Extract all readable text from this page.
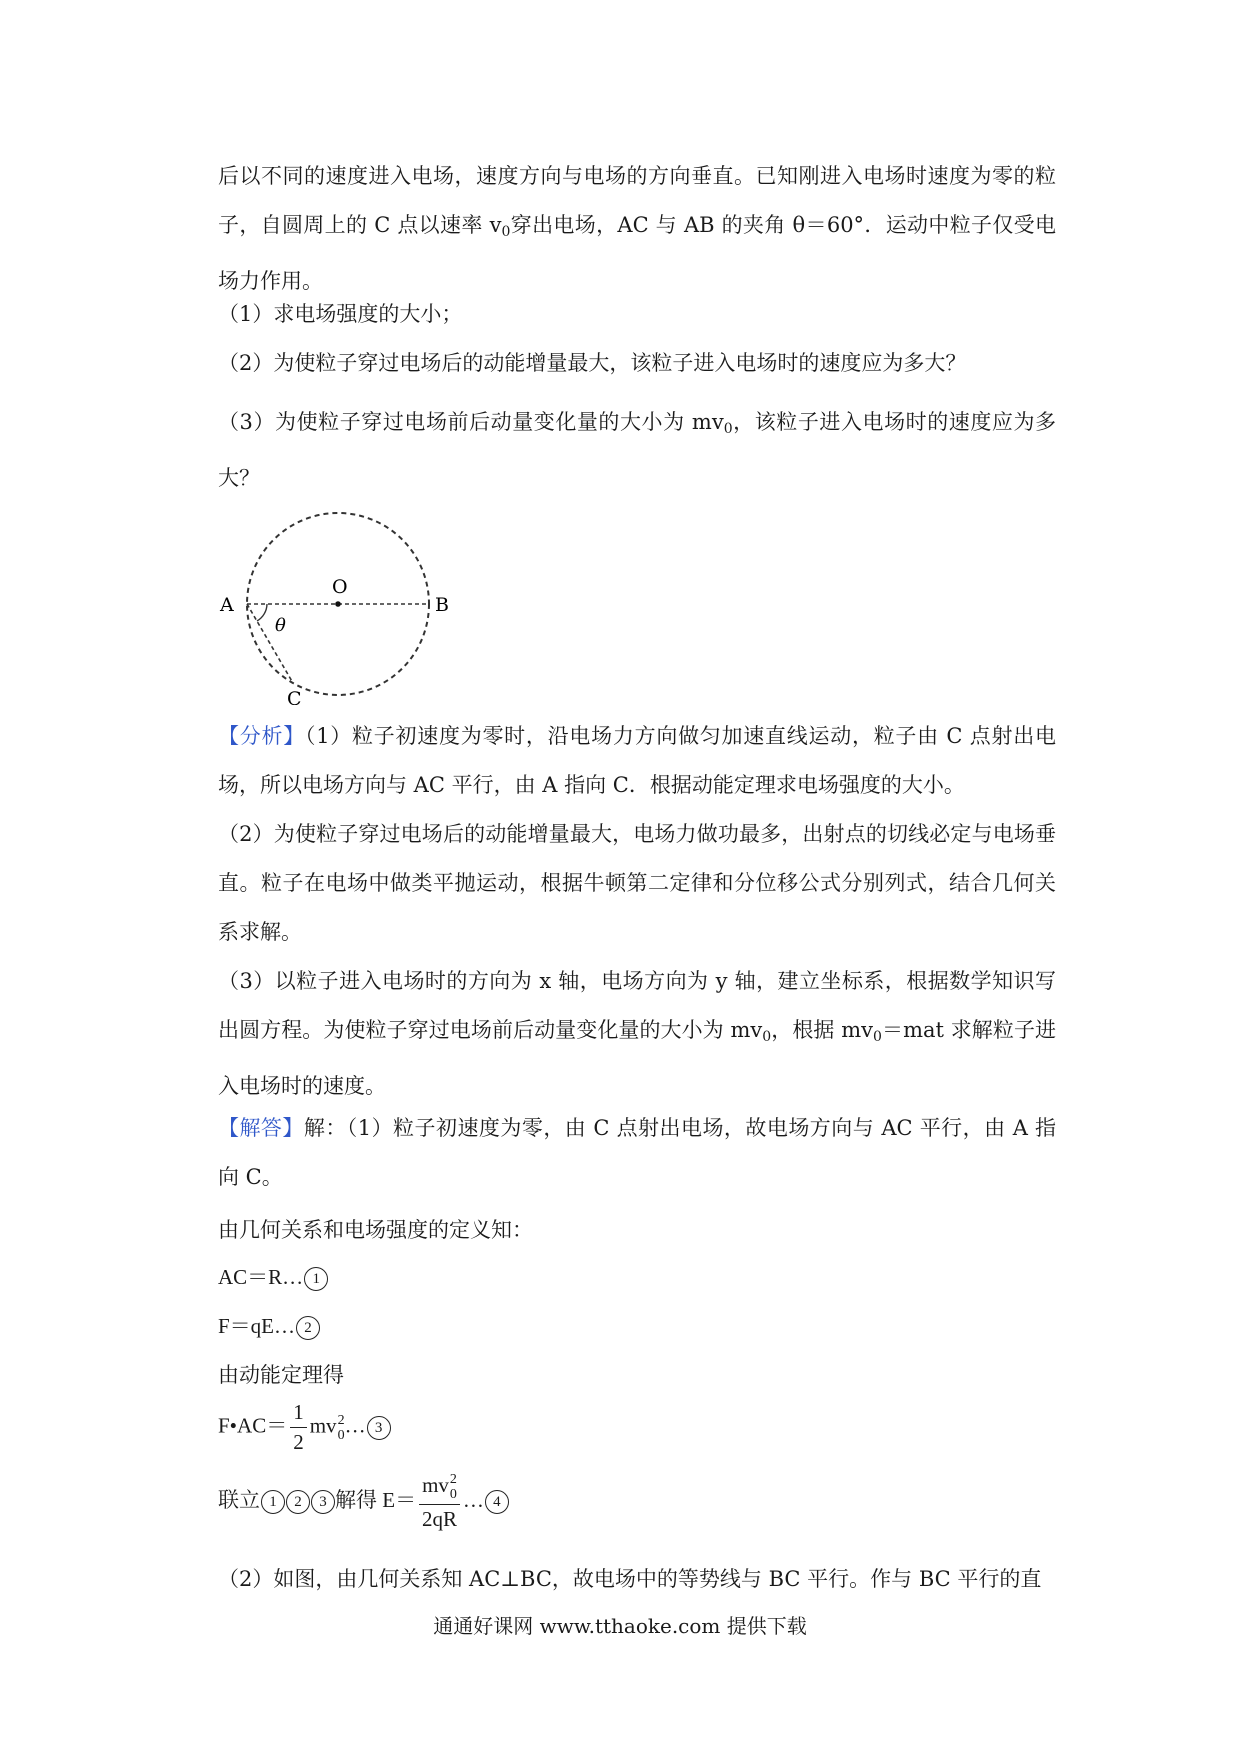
后以不同的速度进入电场，速度方向与电场的方向垂直。已知刚进入电场时速度为零的粒子，自圆周上的 C 点以速率 $v_0$穿出电场，AC 与 AB 的夹角 θ＝60°．运动中粒子仅受电场力作用。

（1）求电场强度的大小；
（2）为使粒子穿过电场后的动能增量最大，该粒子进入电场时的速度应为多大？

（3）为使粒子穿过电场前后动量变化量的大小为 $mv_0$，该粒子进入电场时的速度应为多大？

A	B
O
C
θ

【分析】（1）粒子初速度为零时，沿电场力方向做匀加速直线运动，粒子由 C 点射出电场，所以电场方向与 AC 平行，由 A 指向 C．根据动能定理求电场强度的大小。

（2）为使粒子穿过电场后的动能增量最大，电场力做功最多，出射点的切线必定与电场垂直。粒子在电场中做类平抛运动，根据牛顿第二定律和分位移公式分别列式，结合几何关系求解。

（3）以粒子进入电场时的方向为 x 轴，电场方向为 y 轴，建立坐标系，根据数学知识写出圆方程。为使粒子穿过电场前后动量变化量的大小为 $mv_0$，根据 $mv_0=mat$ 求解粒子进入电场时的速度。

【解答】解：（1）粒子初速度为零，由 C 点射出电场，故电场方向与 AC 平行，由 A 指向 C。

由几何关系和电场强度的定义知：
AC＝R… 1
F＝qE… 2
由动能定理得
F•AC＝ $\frac{1}{2}$ mv 2
0 … 3
联立 1 2 3 解得 E＝ mv 2
0
2qR … 4
（2）如图，由几何关系知 AC⊥BC，故电场中的等势线与 BC 平行。作与 BC 平行的直
通通好课网 www.tthaoke.com 提供下载
